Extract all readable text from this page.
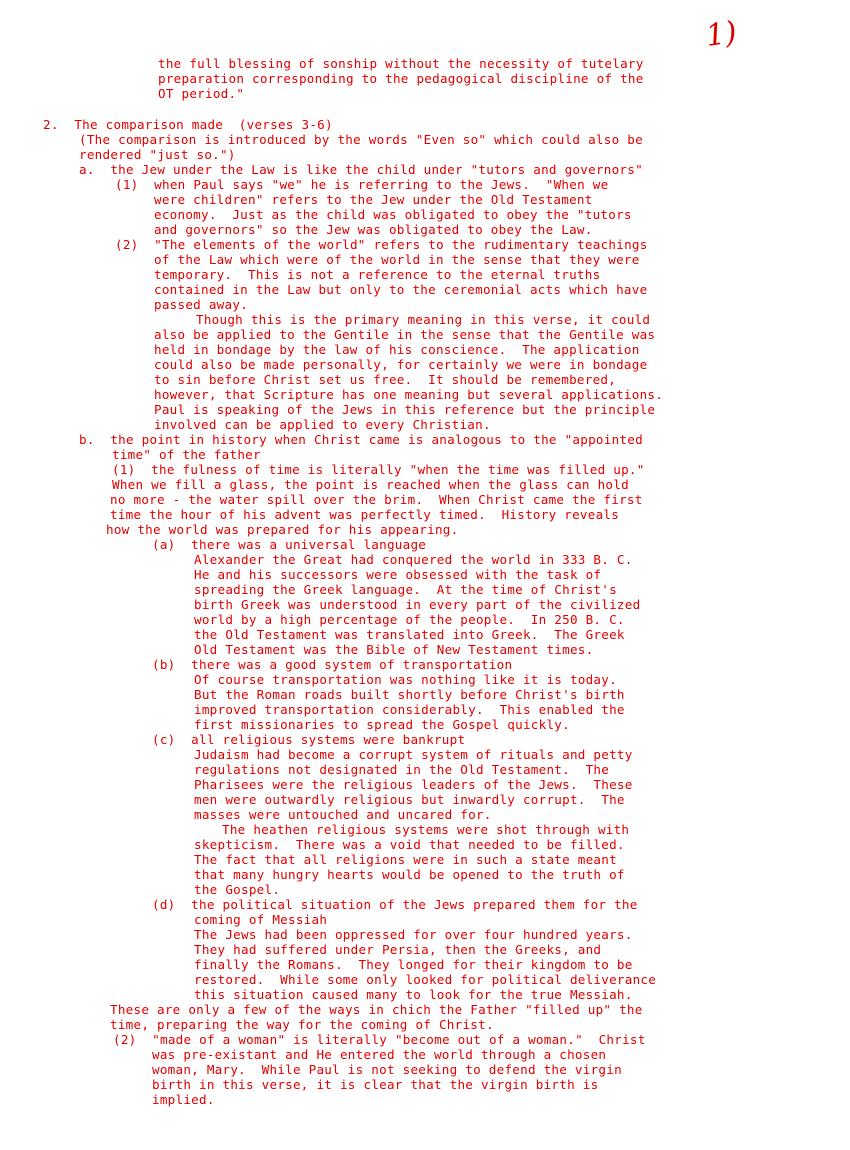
1)
the full blessing of sonship without the necessity of tutelary
preparation corresponding to the pedagogical discipline of the
OT period."
2.  The comparison made  (verses 3-6)
(The comparison is introduced by the words "Even so" which could also be
rendered "just so.")
a.  the Jew under the Law is like the child under "tutors and governors"
(1)  when Paul says "we" he is referring to the Jews.  "When we
were children" refers to the Jew under the Old Testament
economy.  Just as the child was obligated to obey the "tutors
and governors" so the Jew was obligated to obey the Law.
(2)  "The elements of the world" refers to the rudimentary teachings
of the Law which were of the world in the sense that they were
temporary.  This is not a reference to the eternal truths
contained in the Law but only to the ceremonial acts which have
passed away.
Though this is the primary meaning in this verse, it could
also be applied to the Gentile in the sense that the Gentile was
held in bondage by the law of his conscience.  The application
could also be made personally, for certainly we were in bondage
to sin before Christ set us free.  It should be remembered,
however, that Scripture has one meaning but several applications.
Paul is speaking of the Jews in this reference but the principle
involved can be applied to every Christian.
b.  the point in history when Christ came is analogous to the "appointed
time" of the father
(1)  the fulness of time is literally "when the time was filled up."
When we fill a glass, the point is reached when the glass can hold
no more - the water spill over the brim.  When Christ came the first
time the hour of his advent was perfectly timed.  History reveals
how the world was prepared for his appearing.
(a)  there was a universal language
Alexander the Great had conquered the world in 333 B. C.
He and his successors were obsessed with the task of
spreading the Greek language.  At the time of Christ's
birth Greek was understood in every part of the civilized
world by a high percentage of the people.  In 250 B. C.
the Old Testament was translated into Greek.  The Greek
Old Testament was the Bible of New Testament times.
(b)  there was a good system of transportation
Of course transportation was nothing like it is today.
But the Roman roads built shortly before Christ's birth
improved transportation considerably.  This enabled the
first missionaries to spread the Gospel quickly.
(c)  all religious systems were bankrupt
Judaism had become a corrupt system of rituals and petty
regulations not designated in the Old Testament.  The
Pharisees were the religious leaders of the Jews.  These
men were outwardly religious but inwardly corrupt.  The
masses were untouched and uncared for.
The heathen religious systems were shot through with
skepticism.  There was a void that needed to be filled.
The fact that all religions were in such a state meant
that many hungry hearts would be opened to the truth of
the Gospel.
(d)  the political situation of the Jews prepared them for the
coming of Messiah
The Jews had been oppressed for over four hundred years.
They had suffered under Persia, then the Greeks, and
finally the Romans.  They longed for their kingdom to be
restored.  While some only looked for political deliverance
this situation caused many to look for the true Messiah.
These are only a few of the ways in chich the Father "filled up" the
time, preparing the way for the coming of Christ.
(2)  "made of a woman" is literally "become out of a woman."  Christ
was pre-existant and He entered the world through a chosen
woman, Mary.  While Paul is not seeking to defend the virgin
birth in this verse, it is clear that the virgin birth is
implied.
